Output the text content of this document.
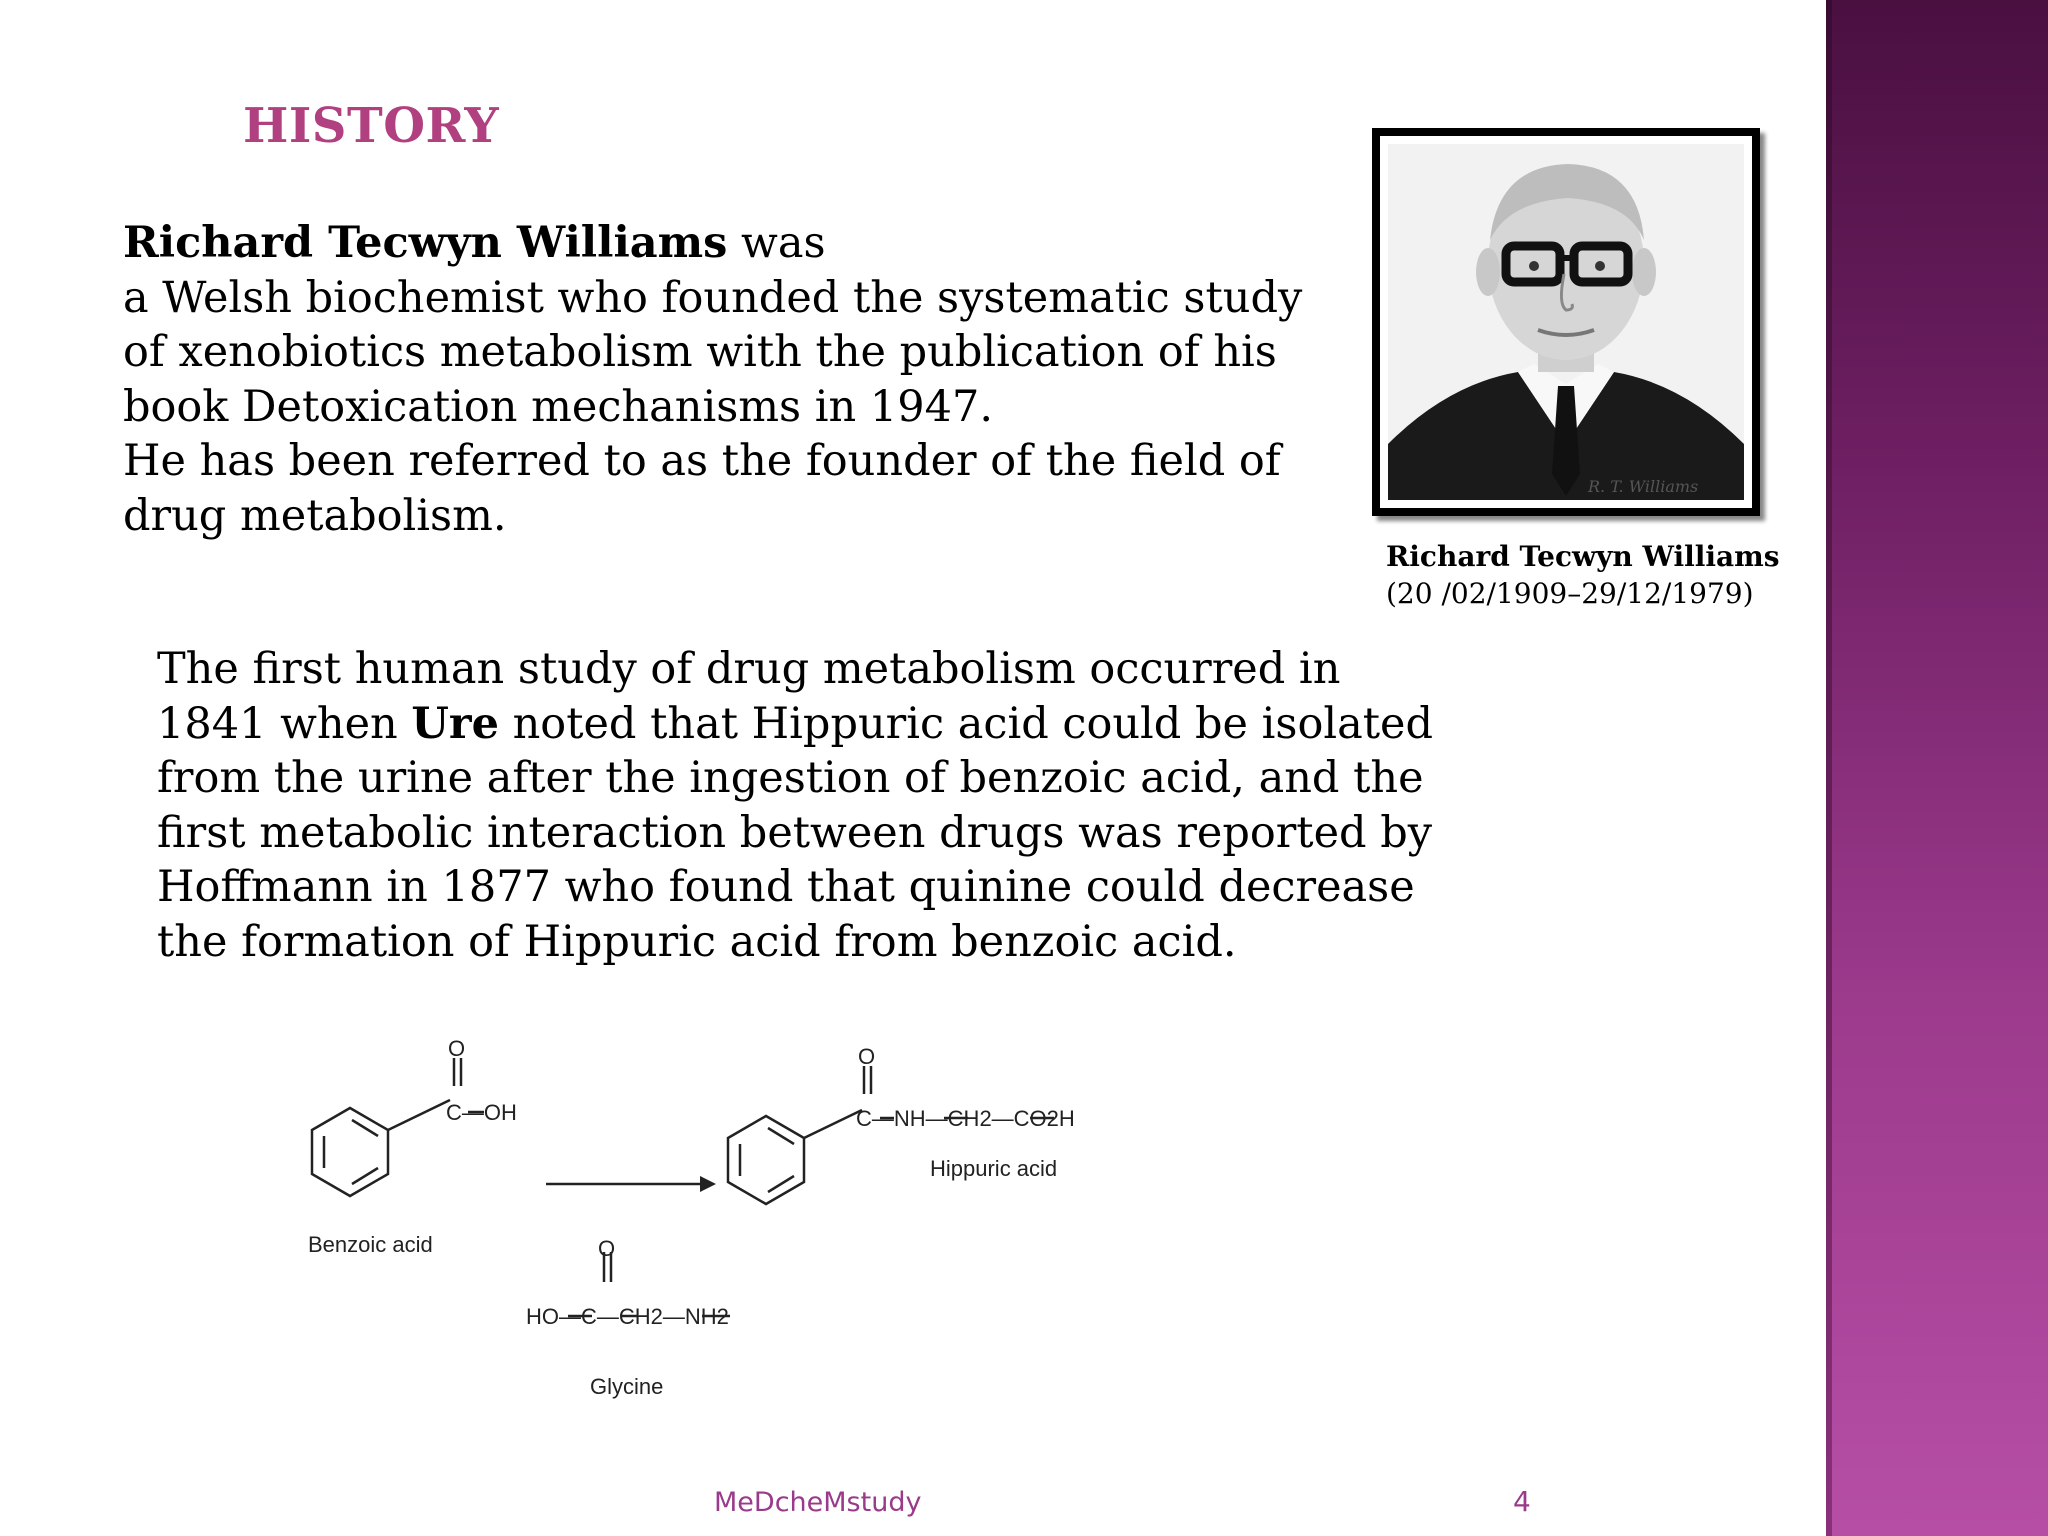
HISTORY

Richard Tecwyn Williams was
a Welsh biochemist who founded the systematic study
of xenobiotics metabolism with the publication of his
book Detoxication mechanisms in 1947.
He has been referred to as the founder of the field of
drug metabolism.

R. T. Williams

Richard Tecwyn Williams

(20 /02/1909–29/12/1979)

The first human study of drug metabolism occurred in
1841 when Ure noted that Hippuric acid could be isolated
from the urine after the ingestion of benzoic acid, and the
first metabolic interaction between drugs was reported by
Hoffmann in 1877 who found that quinine could decrease
the formation of Hippuric acid from benzoic acid.

O
C—OH
Benzoic acid
O
C—NH—CH2—CO2H
Hippuric acid
O
HO—C—CH2—NH2
Glycine

MeDcheMstudy	4
